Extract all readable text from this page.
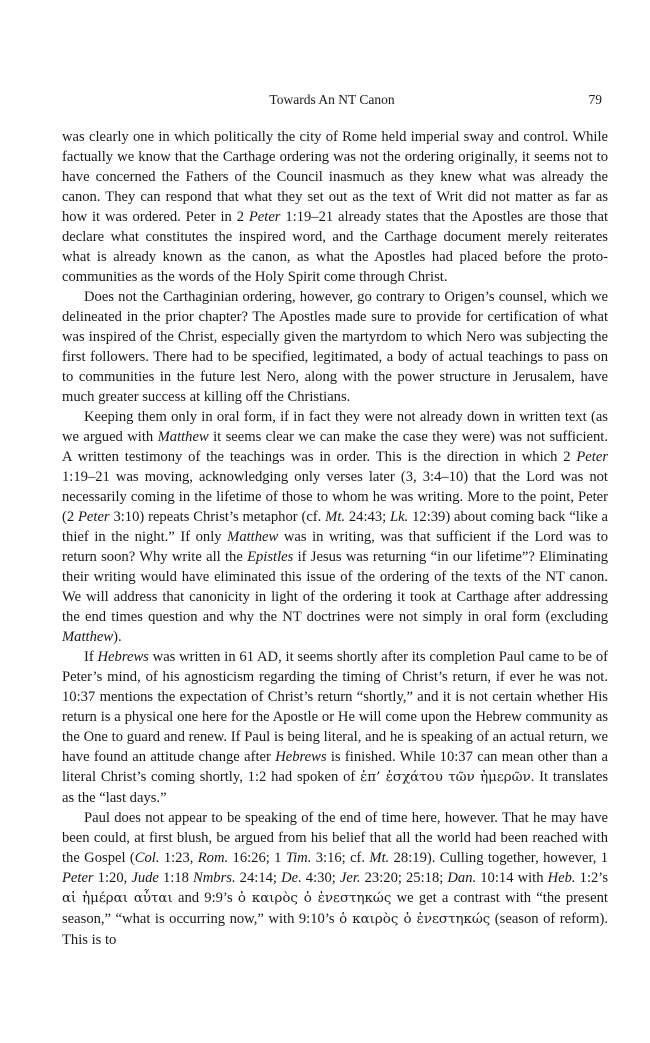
Towards An NT Canon	79

was clearly one in which politically the city of Rome held imperial sway and control. While factually we know that the Carthage ordering was not the ordering originally, it seems not to have concerned the Fathers of the Council inasmuch as they knew what was already the canon. They can respond that what they set out as the text of Writ did not matter as far as how it was ordered. Peter in 2 Peter 1:19–21 already states that the Apostles are those that declare what constitutes the inspired word, and the Carthage document merely reiterates what is already known as the canon, as what the Apostles had placed before the proto-communities as the words of the Holy Spirit come through Christ.

Does not the Carthaginian ordering, however, go contrary to Origen’s counsel, which we delineated in the prior chapter? The Apostles made sure to provide for certification of what was inspired of the Christ, especially given the martyrdom to which Nero was subjecting the first followers. There had to be specified, legitimated, a body of actual teachings to pass on to communities in the future lest Nero, along with the power structure in Jerusalem, have much greater success at killing off the Christians.

Keeping them only in oral form, if in fact they were not already down in written text (as we argued with Matthew it seems clear we can make the case they were) was not sufficient. A written testimony of the teachings was in order. This is the direction in which 2 Peter 1:19–21 was moving, acknowledging only verses later (3, 3:4–10) that the Lord was not necessarily coming in the lifetime of those to whom he was writing. More to the point, Peter (2 Peter 3:10) repeats Christ’s metaphor (cf. Mt. 24:43; Lk. 12:39) about coming back “like a thief in the night.” If only Matthew was in writing, was that sufficient if the Lord was to return soon? Why write all the Epistles if Jesus was returning “in our lifetime”? Eliminating their writing would have eliminated this issue of the ordering of the texts of the NT canon. We will address that canonicity in light of the ordering it took at Carthage after addressing the end times question and why the NT doctrines were not simply in oral form (excluding Matthew).

If Hebrews was written in 61 AD, it seems shortly after its completion Paul came to be of Peter’s mind, of his agnosticism regarding the timing of Christ’s return, if ever he was not. 10:37 mentions the expectation of Christ’s return “shortly,” and it is not certain whether His return is a physical one here for the Apostle or He will come upon the Hebrew community as the One to guard and renew. If Paul is being literal, and he is speaking of an actual return, we have found an attitude change after Hebrews is finished. While 10:37 can mean other than a literal Christ’s coming shortly, 1:2 had spoken of ἐπ’ ἐσχάτου τῶν ἡμερῶν. It translates as the “last days.”

Paul does not appear to be speaking of the end of time here, however. That he may have been could, at first blush, be argued from his belief that all the world had been reached with the Gospel (Col. 1:23, Rom. 16:26; 1 Tim. 3:16; cf. Mt. 28:19). Culling together, however, 1 Peter 1:20, Jude 1:18 Nmbrs. 24:14; De. 4:30; Jer. 23:20; 25:18; Dan. 10:14 with Heb. 1:2’s αἱ ἡμέραι αὗται and 9:9’s ὁ καιρὸς ὁ ἐνεστηκώς we get a contrast with “the present season,” “what is occurring now,” with 9:10’s ὁ καιρὸς ὁ ἐνεστηκώς (season of reform). This is to
